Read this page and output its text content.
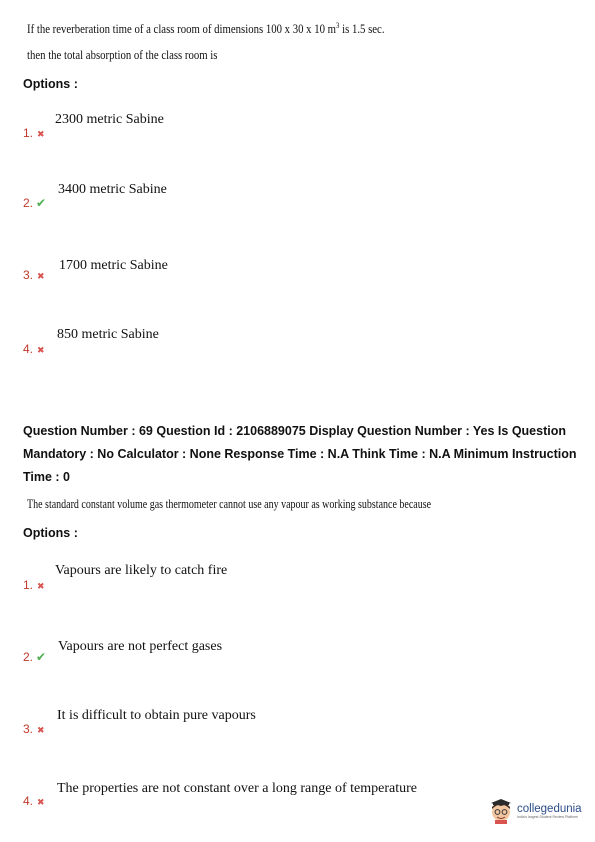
If the reverberation time of a class room of dimensions 100 x 30 x 10 $m^3$ is 1.5 sec.
then the total absorption of the class room is
Options :
2300 metric Sabine
1. ✖
3400 metric Sabine
2. ✔
1700 metric Sabine
3. ✖
850 metric Sabine
4. ✖
Question Number : 69 Question Id : 2106889075 Display Question Number : Yes Is Question Mandatory : No Calculator : None Response Time : N.A Think Time : N.A Minimum Instruction Time : 0
The standard constant volume gas thermometer cannot use any vapour as working substance because
Options :
Vapours are likely to catch fire
1. ✖
Vapours are not perfect gases
2. ✔
It is difficult to obtain pure vapours
3. ✖
The properties are not constant over a long range of temperature
4. ✖
collegedunia
India's largest Student Review Platform
